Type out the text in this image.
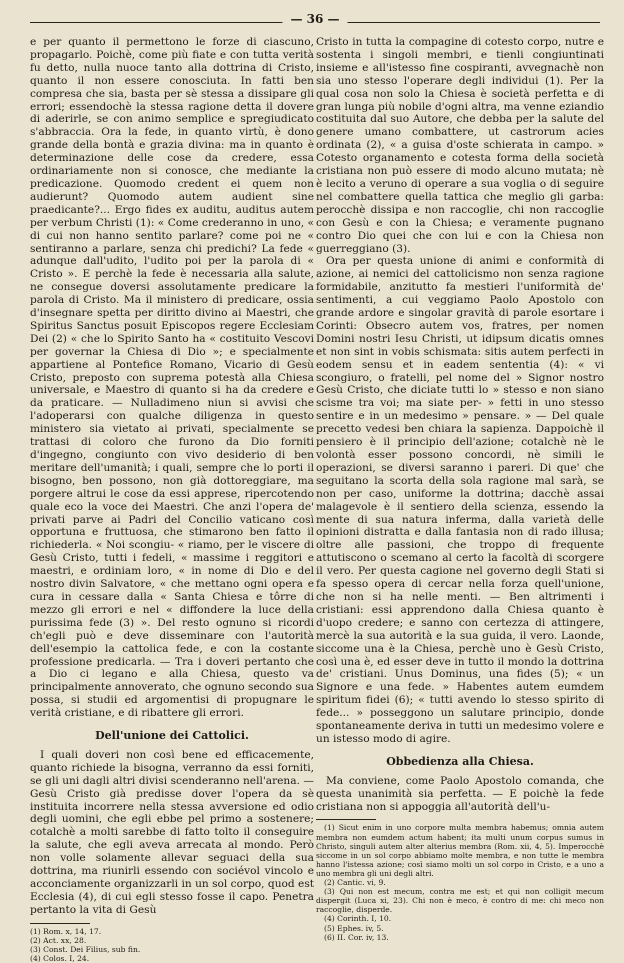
— 36 —

e per quanto il permettono le forze di ciascuno, propagarlo. Poichè, come più fiate e con tutta verità fu detto, nulla nuoce tanto alla dottrina di Cristo, quanto il non essere conosciuta. In fatti ben compresa che sia, basta per sè stessa a dissipare gli errori; essendochè la stessa ragione detta il dovere di aderirle, se con animo semplice e spregiudicato s'abbraccia. Ora la fede, in quanto virtù, è dono grande della bontà e grazia divina: ma in quanto è determinazione delle cose da credere, essa ordinariamente non si conosce, che mediante la predicazione. Quomodo credent ei quem non audierunt? Quomodo autem audient sine praedicante?... Ergo fides ex auditu, auditus autem per verbum Christi (1): « Come crederanno in uno, « di cui non hanno sentito parlare? come poi ne « sentiranno a parlare, senza chi predichi? La fede « adunque dall'udito, l'udito poi per la parola di « Cristo ». E perchè la fede è necessaria alla salute, ne consegue doversi assolutamente predicare la parola di Cristo. Ma il ministero di predicare, ossia d'insegnare spetta per diritto divino ai Maestri, che Spiritus Sanctus posuit Episcopos regere Ecclesiam Dei (2) « che lo Spirito Santo ha « costituito Vescovi per governar la Chiesa di Dio »; e specialmente appartiene al Pontefice Romano, Vicario di Gesù Cristo, preposto con suprema potestà alla Chiesa universale, e Maestro di quanto si ha da credere e da praticare. — Nulladimeno niun si avvisi che l'adoperarsi con qualche diligenza in questo ministero sia vietato ai privati, specialmente se trattasi di coloro che furono da Dio forniti d'ingegno, congiunto con vivo desiderio di ben meritare dell'umanità; i quali, sempre che lo porti il bisogno, ben possono, non già dottoreggiare, ma porgere altrui le cose da essi apprese, ripercotendo quale eco la voce dei Maestri. Che anzi l'opera de' privati parve ai Padri del Concilio vaticano così opportuna e fruttuosa, che stimarono ben fatto il richiederla. « Noi scongiu- « riamo, per le viscere di Gesù Cristo, tutti i fedeli, « massime i reggitori e maestri, e ordiniam loro, « in nome di Dio e del nostro divin Salvatore, « che mettano ogni opera e cura in cessare dalla « Santa Chiesa e tôrre di mezzo gli errori e nel « diffondere la luce della purissima fede (3) ». Del resto ognuno si ricordi ch'egli può e deve disseminare con l'autorità dell'esempio la cattolica fede, e con la costante professione predicarla. — Tra i doveri pertanto che a Dio ci legano e alla Chiesa, questo va principalmente annoverato, che ognuno secondo sua possa, si studii ed argomentisi di propugnare le verità cristiane, e di ribattere gli errori.

Dell'unione dei Cattolici.

I quali doveri non così bene ed efficacemente, quanto richiede la bisogna, verranno da essi forniti, se gli uni dagli altri divisi scenderanno nell'arena. — Gesù Cristo già predisse dover l'opera da sè instituita incorrere nella stessa avversione ed odio degli uomini, che egli ebbe pel primo a sostenere; cotalchè a molti sarebbe di fatto tolto il conseguire la salute, che egli aveva arrecata al mondo. Però non volle solamente allevar seguaci della sua dottrina, ma riunirli essendo con sociévol vincolo e acconciamente organizzarli in un sol corpo, quod est Ecclesia (4), di cui egli stesso fosse il capo. Penetra pertanto la vita di Gesù

(1) Rom. x, 14, 17.
(2) Act. xx, 28.
(3) Const. Dei Filius, sub fin.
(4) Colos. I, 24.

Cristo in tutta la compagine di cotesto corpo, nutre e sostenta i singoli membri, e tienli congiuntinati insieme e all'istesso fine cospiranti, avvegnachè non sia uno stesso l'operare degli individui (1). Per la qual cosa non solo la Chiesa è società perfetta e di gran lunga più nobile d'ogni altra, ma venne eziandio costituita dal suo Autore, che debba per la salute del genere umano combattere, ut castrorum acies ordinata (2), « a guisa d'oste schierata in campo. » Cotesto organamento e cotesta forma della società cristiana non può essere di modo alcuno mutata; nè è lecito a veruno di operare a sua voglia o di seguire nel combattere quella tattica che meglio gli garba: perocchè dissipa e non raccoglie, chi non raccoglie con Gesù e con la Chiesa; e veramente pugnano contro Dio quei che con lui e con la Chiesa non guerreggiano (3).

Ora per questa unione di animi e conformità di azione, ai nemici del cattolicismo non senza ragione formidabile, anzitutto fa mestieri l'uniformità de' sentimenti, a cui veggiamo Paolo Apostolo con grande ardore e singolar gravità di parole esortare i Corinti: Obsecro autem vos, fratres, per nomen Domini nostri Iesu Christi, ut idipsum dicatis omnes et non sint in vobis schismata: sitis autem perfecti in eodem sensu et in eadem sententia (4): « vi scongiuro, o fratelli, pel nome del » Signor nostro Gesù Cristo, che diciate tutti lo » stesso e non siano scisme tra voi; ma siate per- » fetti in uno stesso sentire e in un medesimo » pensare. » — Del quale precetto vedesi ben chiara la sapienza. Dappoichè il pensiero è il principio dell'azione; cotalchè nè le volontà esser possono concordi, nè simili le operazioni, se diversi saranno i pareri. Di que' che seguitano la scorta della sola ragione mal sarà, se non per caso, uniforme la dottrina; dacchè assai malagevole è il sentiero della scienza, essendo la mente di sua natura inferma, dalla varietà delle opinioni distratta e dalla fantasia non di rado illusa; oltre alle passioni, che troppo di frequente attutiscono o scemano al certo la facoltà di scorgere il vero. Per questa cagione nel governo degli Stati si fa spesso opera di cercar nella forza quell'unione, che non si ha nelle menti. — Ben altrimenti i cristiani: essi apprendono dalla Chiesa quanto è d'uopo credere; e sanno con certezza di attingere, mercè la sua autorità e la sua guida, il vero. Laonde, siccome una è la Chiesa, perchè uno è Gesù Cristo, così una è, ed esser deve in tutto il mondo la dottrina de' cristiani. Unus Dominus, una fides (5); « un Signore e una fede. » Habentes autem eumdem spiritum fidei (6); « tutti avendo lo stesso spirito di fede... » posseggono un salutare principio, donde spontaneamente deriva in tutti un medesimo volere e un istesso modo di agire.

Obbedienza alla Chiesa.

Ma conviene, come Paolo Apostolo comanda, che questa unanimità sia perfetta. — E poichè la fede cristiana non si appoggia all'autorità dell'u-

(1) Sicut enim in uno corpore multa membra habemus; omnia autem membra non eumdem actum habent; ita multi unum corpus sumus in Christo, singuli autem alter alterius membra (Rom. xii, 4, 5). Imperocchè siccome in un sol corpo abbiamo molte membra, e non tutte le membra hanno l'istessa azione; così siamo molti un sol corpo in Cristo, e a uno a uno membra gli uni degli altri.
(2) Cantic. vi, 9.
(3) Qui non est mecum, contra me est; et qui non colligit mecum dispergit (Luca xi, 23). Chi non è meco, è contro di me: chi meco non raccoglie, disperde.
(4) Corinth. I, 10.
(5) Ephes. iv, 5.
(6) II. Cor. iv, 13.
